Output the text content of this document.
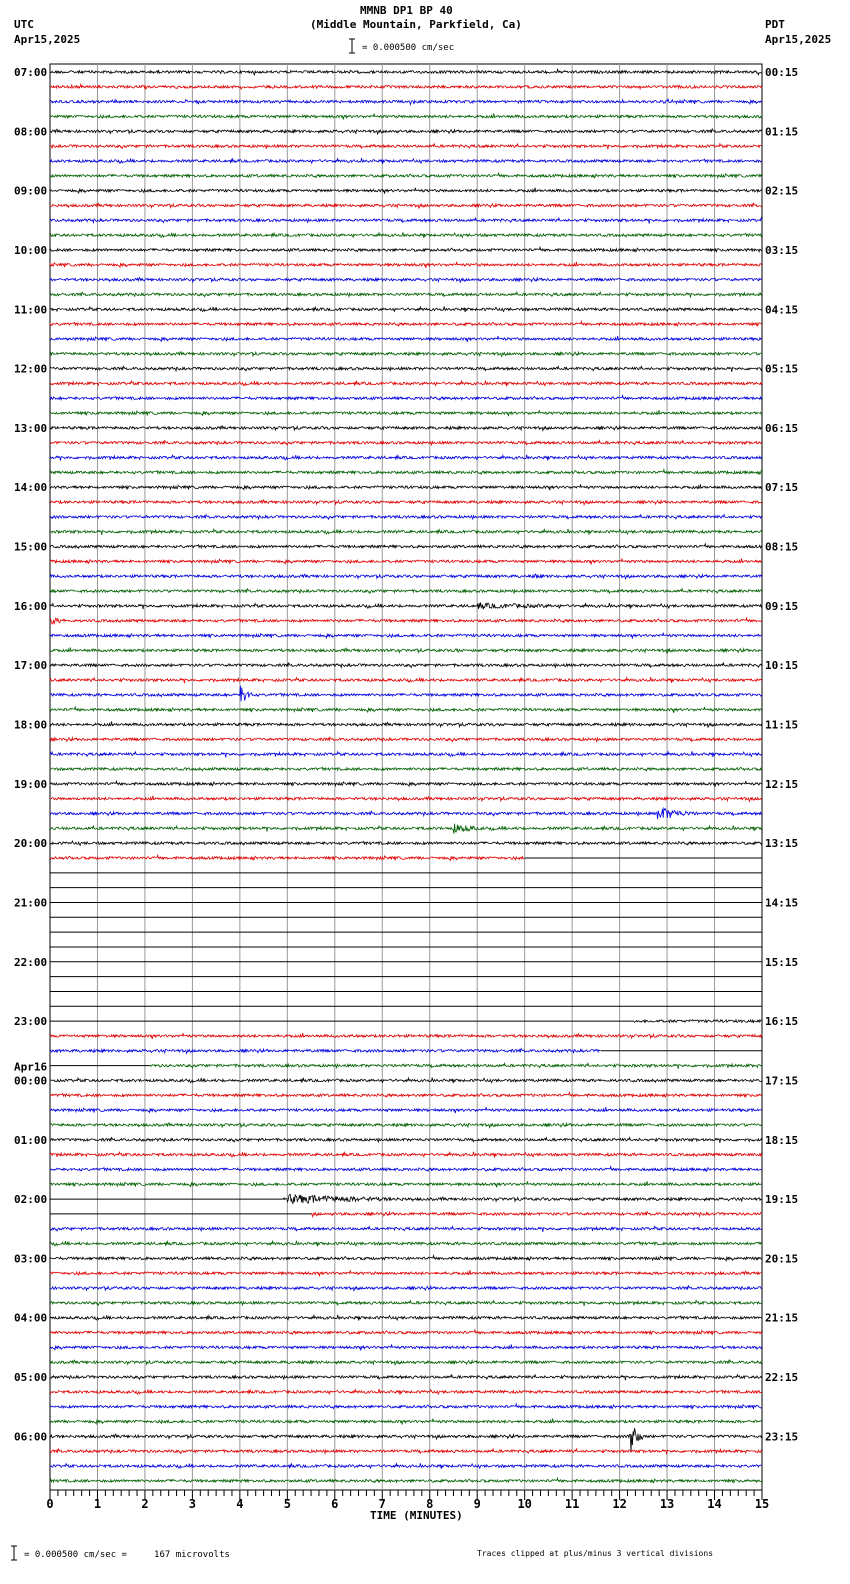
MMNB DP1 BP 40
(Middle Mountain, Parkfield, Ca)
UTC
Apr15,2025
PDT
Apr15,2025
= 0.000500 cm/sec
= 0.000500 cm/sec =     167 microvolts	Traces clipped at plus/minus 3 vertical divisions
TIME (MINUTES)
07:00	00:15
08:00	01:15
09:00	02:15
10:00	03:15
11:00	04:15
12:00	05:15
13:00	06:15
14:00	07:15
15:00	08:15
16:00	09:15
17:00	10:15
18:00	11:15
19:00	12:15
20:00	13:15
21:00	14:15
22:00	15:15
23:00	16:15
00:00	17:15
Apr16
01:00	18:15
02:00	19:15
03:00	20:15
04:00	21:15
05:00	22:15
06:00	23:15
0	1	2	3	4	5	6	7	8	9	10	11	12	13	14	15
